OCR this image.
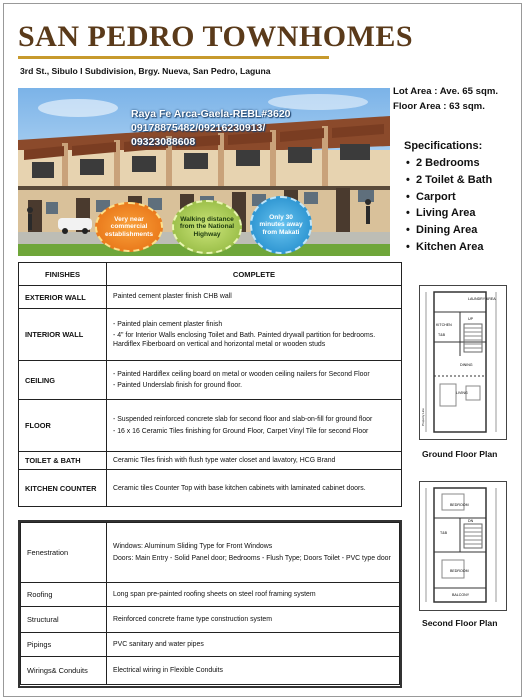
SAN PEDRO TOWNHOMES
3rd St., Sibulo I Subdivision, Brgy. Nueva, San Pedro, Laguna
Raya Fe Arca-Gaela-REBL#3620
09178875482/09216230913/
09323088608
Very near commercial establishments
Walking distance from the National Highway
Only 30 minutes away from Makati
Lot Area : Ave. 65 sqm.
Floor Area : 63 sqm.
Specifications:
• 2 Bedrooms
• 2 Toilet & Bath
• Carport
• Living Area
• Dining Area
• Kitchen Area
FINISHES	COMPLETE
EXTERIOR WALL	Painted cement plaster finish CHB wall

INTERIOR WALL	- Painted plain cement plaster finish
- 4" for Interior Walls enclosing Toilet and Bath. Painted drywall partition for bedrooms. Hardiflex Fiberboard on vertical and horizontal metal or wooden studs

CEILING	- Painted Hardiflex ceiling board on metal or wooden ceiling nailers for Second Floor
- Painted Underslab finish for ground floor.

FLOOR	- Suspended reinforced concrete slab for second floor and slab-on-fill for ground floor
- 16 x 16 Ceramic Tiles finishing for Ground Floor, Carpet Vinyl Tile for second Floor

TOILET & BATH	Ceramic Tiles finish with flush type water closet and lavatory, HCG Brand

KITCHEN COUNTER	Ceramic tiles Counter Top with base kitchen cabinets with laminated cabinet doors.
Fenestration	Windows: Aluminum Sliding Type for Front Windows
Doors: Main Entry - Solid Panel door; Bedrooms - Flush Type; Doors Toilet - PVC type door

Roofing	Long span pre-painted roofing sheets on steel roof framing system

Structural	Reinforced concrete frame type construction system

Pipings	PVC sanitary and water pipes

Wirings& Conduits	Electrical wiring in Flexible Conduits
LAUNDRY AREA
KITCHEN
T&B
UP
DINING
LIVING
Property Line
Ground Floor Plan
BEDROOM
T&B
DN
BEDROOM
BALCONY
Second Floor Plan
